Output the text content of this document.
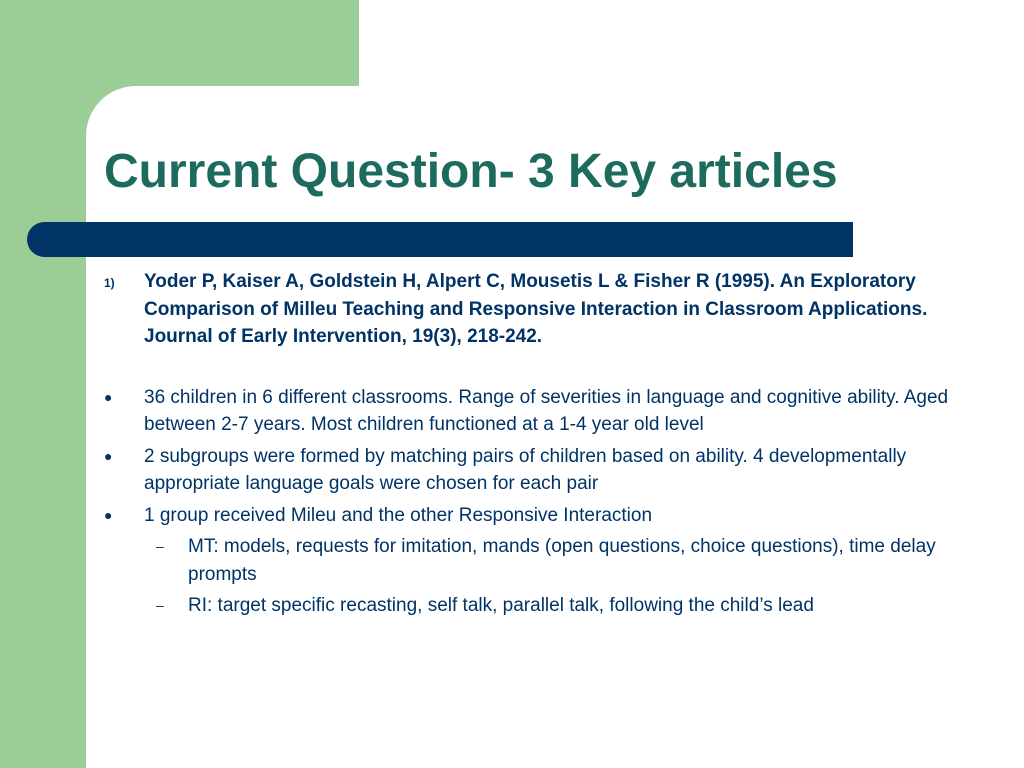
Current Question- 3 Key articles
1) Yoder P, Kaiser A, Goldstein H, Alpert C, Mousetis L & Fisher R (1995). An Exploratory Comparison of Milleu Teaching and Responsive Interaction in Classroom Applications. Journal of Early Intervention, 19(3), 218-242.
● 36 children in 6 different classrooms. Range of severities in language and cognitive ability. Aged between 2-7 years. Most children functioned at a 1-4 year old level
● 2 subgroups were formed by matching pairs of children based on ability. 4 developmentally appropriate language goals were chosen for each pair
● 1 group received Mileu and the other Responsive Interaction
– MT: models, requests for imitation, mands (open questions, choice questions), time delay prompts
– RI: target specific recasting, self talk, parallel talk, following the child’s lead
